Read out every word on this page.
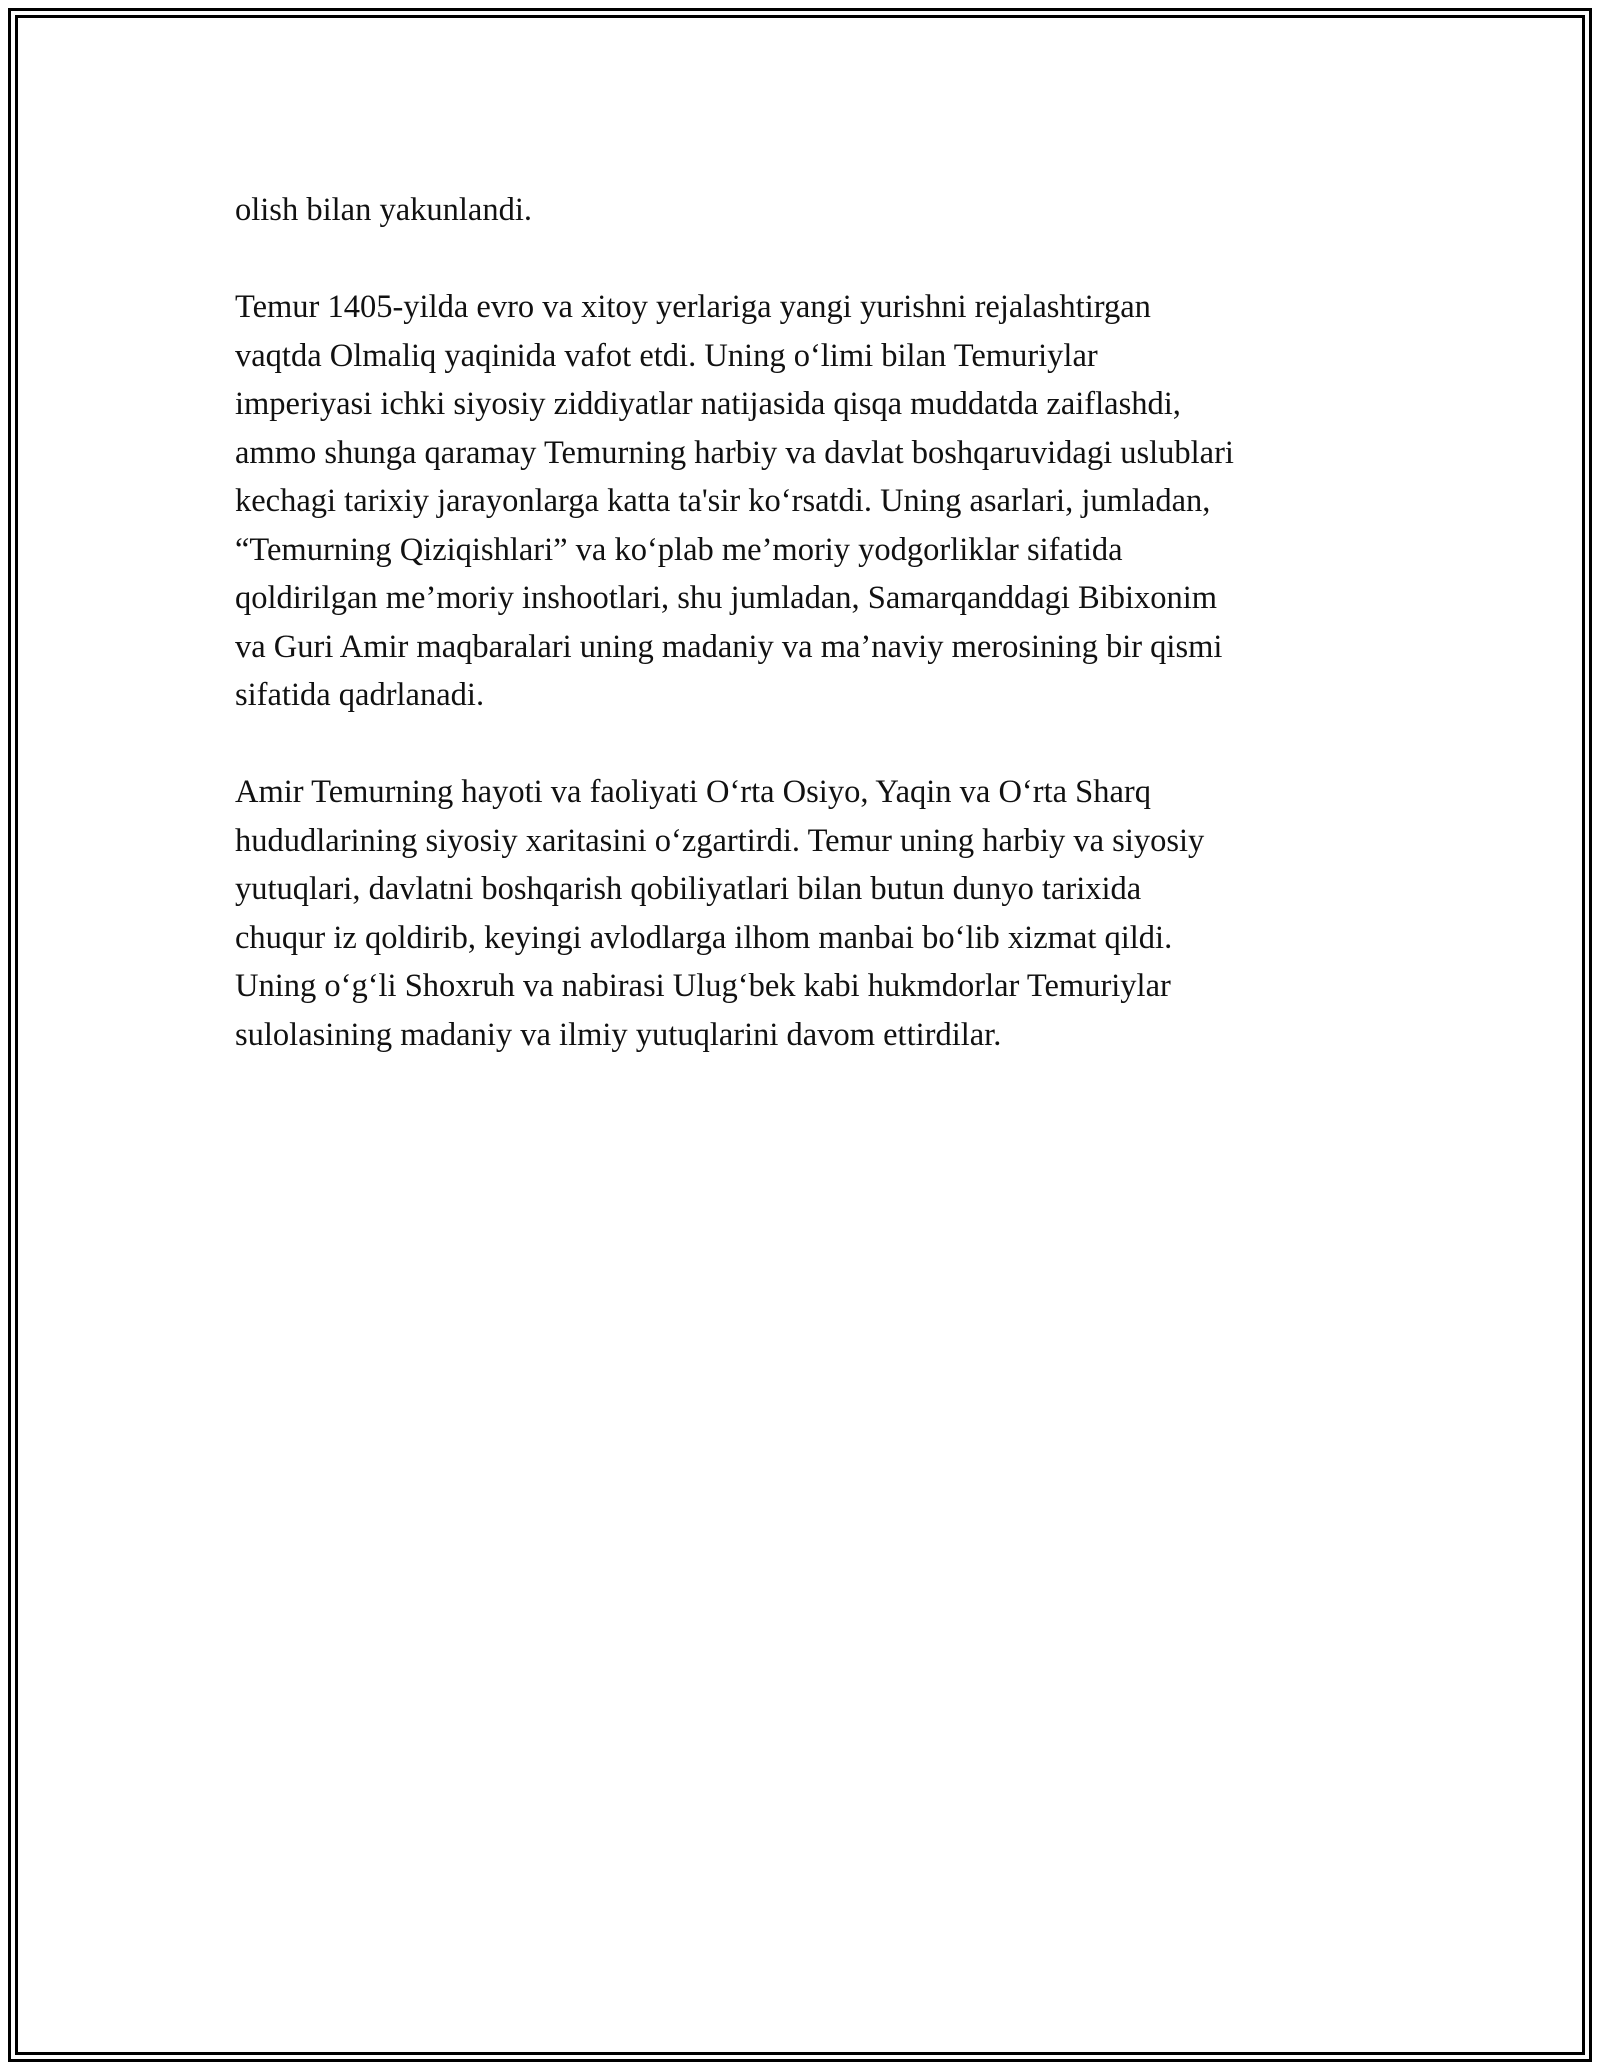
olish bilan yakunlandi.

Temur 1405-yilda evro va xitoy yerlariga yangi yurishni rejalashtirgan
vaqtda Olmaliq yaqinida vafot etdi. Uning o‘limi bilan Temuriylar
imperiyasi ichki siyosiy ziddiyatlar natijasida qisqa muddatda zaiflashdi,
ammo shunga qaramay Temurning harbiy va davlat boshqaruvidagi uslublari
kechagi tarixiy jarayonlarga katta ta'sir ko‘rsatdi. Uning asarlari, jumladan,
“Temurning Qiziqishlari” va ko‘plab me’moriy yodgorliklar sifatida
qoldirilgan me’moriy inshootlari, shu jumladan, Samarqanddagi Bibixonim
va Guri Amir maqbaralari uning madaniy va ma’naviy merosining bir qismi
sifatida qadrlanadi.

Amir Temurning hayoti va faoliyati O‘rta Osiyo, Yaqin va O‘rta Sharq
hududlarining siyosiy xaritasini o‘zgartirdi. Temur uning harbiy va siyosiy
yutuqlari, davlatni boshqarish qobiliyatlari bilan butun dunyo tarixida
chuqur iz qoldirib, keyingi avlodlarga ilhom manbai bo‘lib xizmat qildi.
Uning o‘g‘li Shoxruh va nabirasi Ulug‘bek kabi hukmdorlar Temuriylar
sulolasining madaniy va ilmiy yutuqlarini davom ettirdilar.
